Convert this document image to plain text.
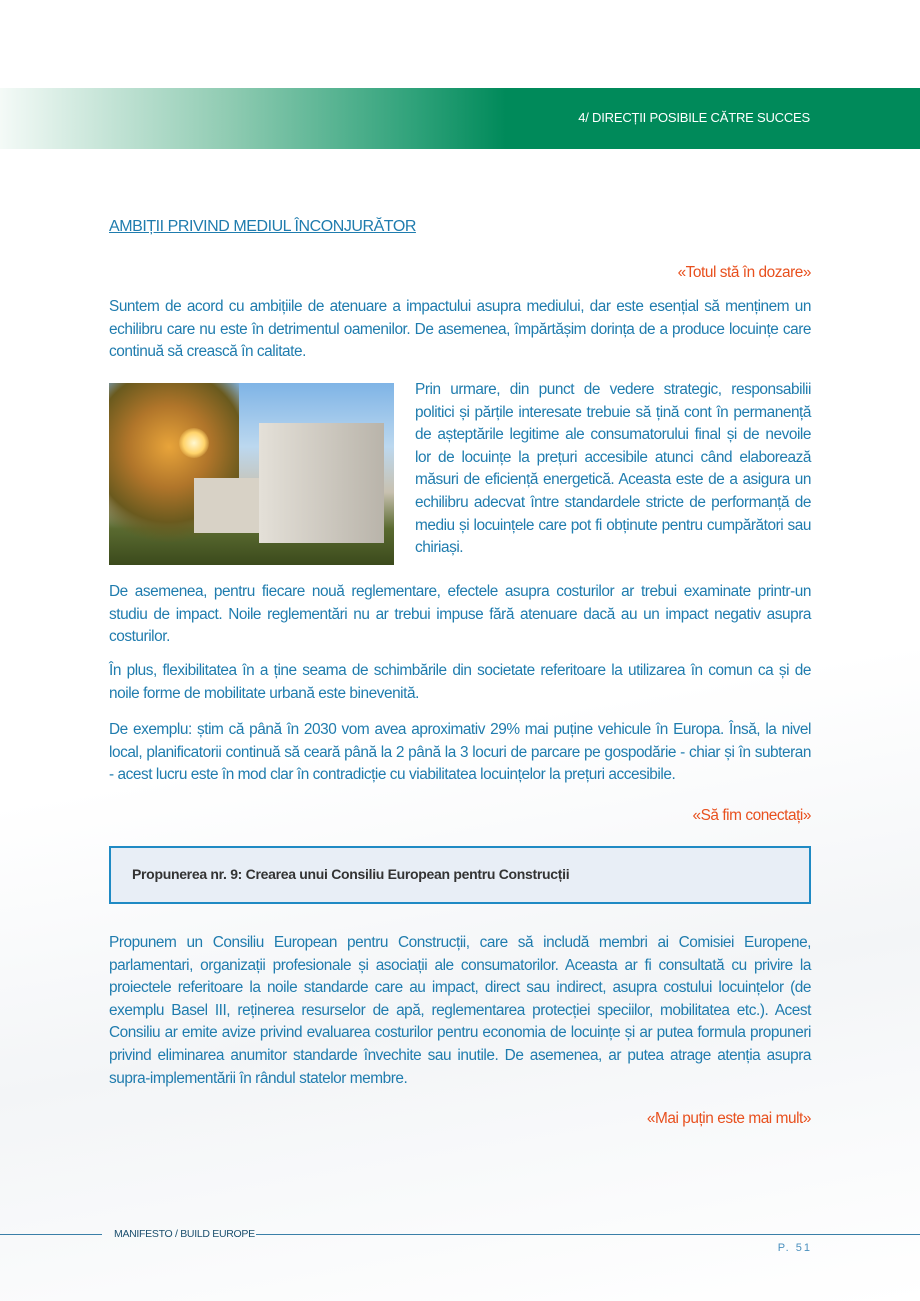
4/ DIRECȚII POSIBILE CĂTRE SUCCES
AMBIȚII PRIVIND MEDIUL ÎNCONJURĂTOR
«Totul stă în dozare»
Suntem de acord cu ambițiile de atenuare a impactului asupra mediului, dar este esențial să menținem un echilibru care nu este în detrimentul oamenilor. De asemenea, împărtășim dorința de a produce locuințe care continuă să crească în calitate.
Prin urmare, din punct de vedere strategic, responsabilii politici și părțile interesate trebuie să țină cont în permanență de așteptările legitime ale consumatorului final și de nevoile lor de locuințe la prețuri accesibile atunci când elaborează măsuri de eficiență energetică. Aceasta este de a asigura un echilibru adecvat între standardele stricte de performanță de mediu și locuințele care pot fi obținute pentru cumpărători sau chiriași.
De asemenea, pentru fiecare nouă reglementare, efectele asupra costurilor ar trebui examinate printr-un studiu de impact. Noile reglementări nu ar trebui impuse fără atenuare dacă au un impact negativ asupra costurilor.
În plus, flexibilitatea în a ține seama de schimbările din societate referitoare la utilizarea în comun ca și de noile forme de mobilitate urbană este binevenită.
De exemplu: știm că până în 2030 vom avea aproximativ 29% mai puține vehicule în Europa. Însă, la nivel local, planificatorii continuă să ceară până la 2 până la 3 locuri de parcare pe gospodărie - chiar și în subteran - acest lucru este în mod clar în contradicție cu viabilitatea locuințelor la prețuri accesibile.
«Să fim conectați»
Propunerea nr. 9: Crearea unui Consiliu European pentru Construcții
Propunem un Consiliu European pentru Construcții, care să includă membri ai Comisiei Europene, parlamentari, organizații profesionale și asociații ale consumatorilor. Aceasta ar fi consultată cu privire la proiectele referitoare la noile standarde care au impact, direct sau indirect, asupra costului locuințelor (de exemplu Basel III, reținerea resurselor de apă, reglementarea protecției speciilor, mobilitatea etc.). Acest Consiliu ar emite avize privind evaluarea costurilor pentru economia de locuințe și ar putea formula propuneri privind eliminarea anumitor standarde învechite sau inutile. De asemenea, ar putea atrage atenția asupra supra-implementării în rândul statelor membre.
«Mai puțin este mai mult»
MANIFESTO / BUILD EUROPE
P. 51
